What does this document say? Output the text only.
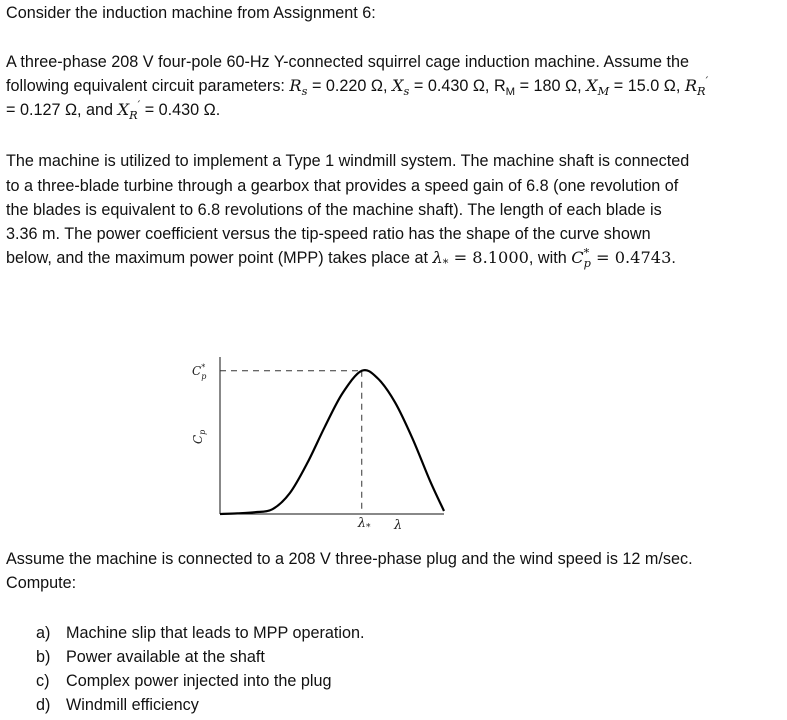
Consider the induction machine from Assignment 6:
A three-phase 208 V four-pole 60-Hz Y-connected squirrel cage induction machine. Assume the
following equivalent circuit parameters: $R_s = 0.220$ Ω, $X_s = 0.430$ Ω, $R_M = 180$ Ω, $X_M = 15.0$ Ω, $R_R'$
= 0.127 Ω, and $X_R' = 0.430$ Ω.
The machine is utilized to implement a Type 1 windmill system. The machine shaft is connected
to a three-blade turbine through a gearbox that provides a speed gain of 6.8 (one revolution of
the blades is equivalent to 6.8 revolutions of the machine shaft). The length of each blade is
3.36 m. The power coefficient versus the tip-speed ratio has the shape of the curve shown
below, and the maximum power point (MPP) takes place at $\lambda_* = 8.1000$, with $C^*_p = 0.4743$.
C* p
$C_p$
λ
$\lambda_*$
Assume the machine is connected to a 208 V three-phase plug and the wind speed is 12 m/sec.
Compute:
a) Machine slip that leads to MPP operation.
b) Power available at the shaft
c) Complex power injected into the plug
d) Windmill efficiency
